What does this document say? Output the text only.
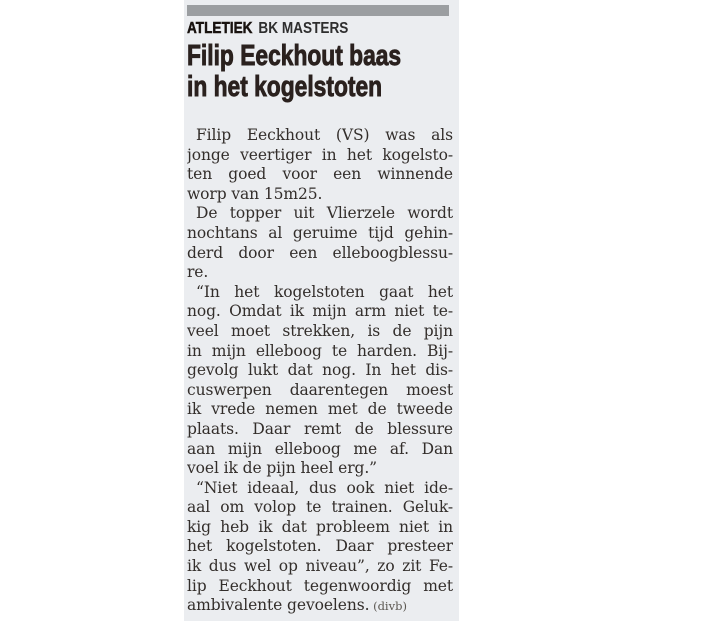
ATLETIEK BK MASTERS
Filip Eeckhout baas
in het kogelstoten
Filip Eeckhout (VS) was als
jonge veertiger in het kogelsto-
ten goed voor een winnende
worp van 15m25.
De topper uit Vlierzele wordt
nochtans al geruime tijd gehin-
derd door een elleboogblessu-
re.
“In het kogelstoten gaat het
nog. Omdat ik mijn arm niet te-
veel moet strekken, is de pijn
in mijn elleboog te harden. Bij-
gevolg lukt dat nog. In het dis-
cuswerpen daarentegen moest
ik vrede nemen met de tweede
plaats. Daar remt de blessure
aan mijn elleboog me af. Dan
voel ik de pijn heel erg.”
“Niet ideaal, dus ook niet ide-
aal om volop te trainen. Geluk-
kig heb ik dat probleem niet in
het kogelstoten. Daar presteer
ik dus wel op niveau”, zo zit Fe-
lip Eeckhout tegenwoordig met
ambivalente gevoelens. (divb)
